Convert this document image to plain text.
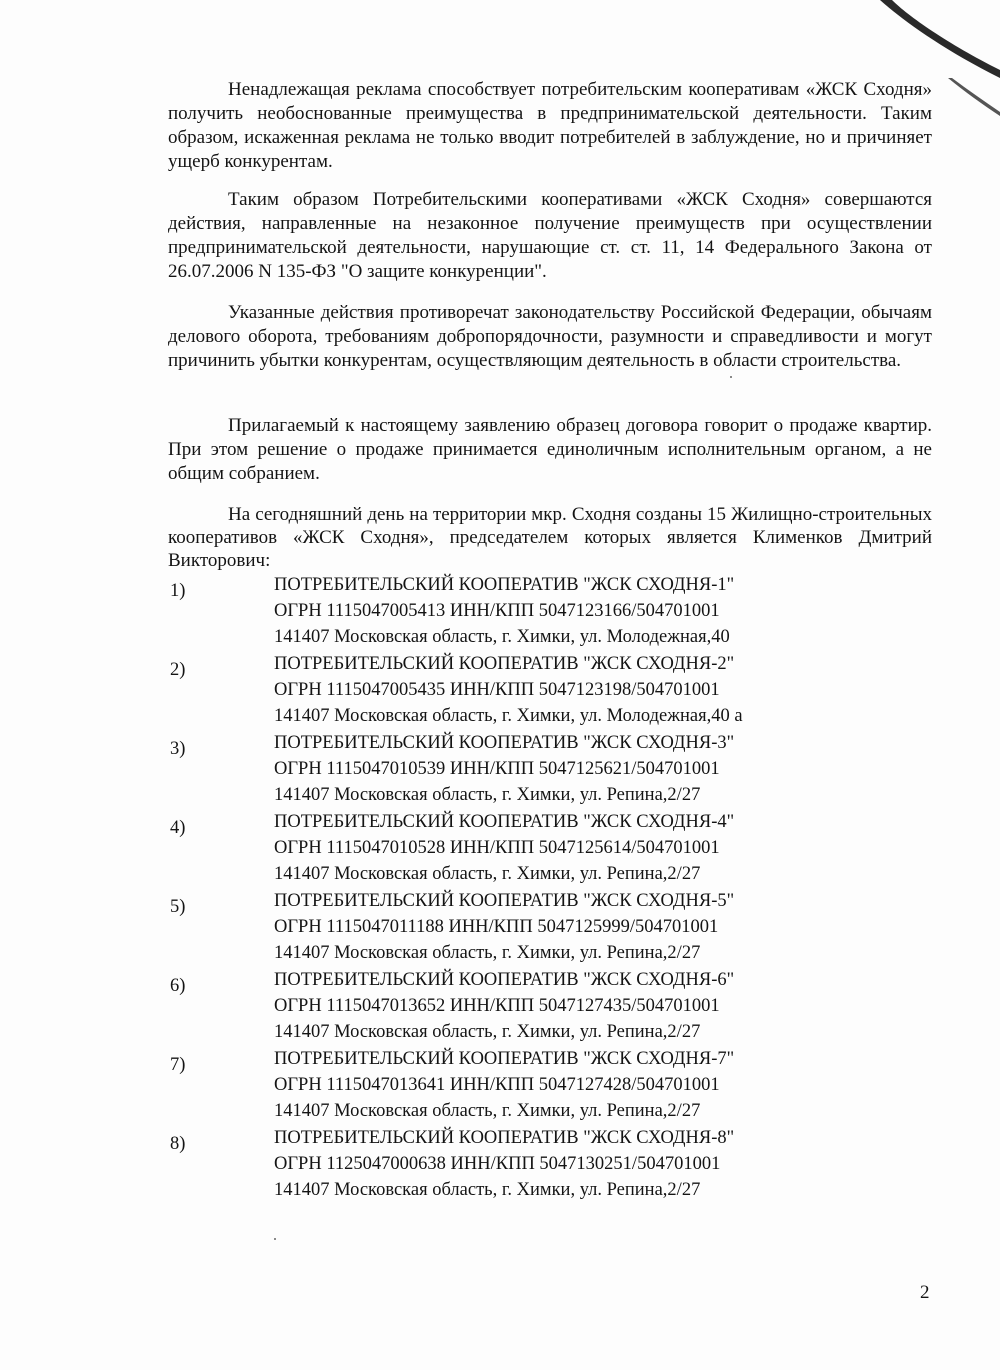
Ненадлежащая реклама способствует потребительским кооперативам «ЖСК Сходня» получить необоснованные преимущества в предпринимательской деятельности. Таким образом, искаженная реклама не только вводит потребителей в заблуждение, но и причиняет ущерб конкурентам.

Таким образом Потребительскими кооперативами «ЖСК Сходня» совершаются действия, направленные на незаконное получение преимуществ при осуществлении предпринимательской деятельности, нарушающие ст. ст. 11, 14 Федерального Закона от 26.07.2006 N 135-ФЗ "О защите конкуренции".

Указанные действия противоречат законодательству Российской Федерации, обычаям делового оборота, требованиям добропорядочности, разумности и справедливости и могут причинить убытки конкурентам, осуществляющим деятельность в области строительства.

Прилагаемый к настоящему заявлению образец договора говорит о продаже квартир. При этом решение о продаже принимается единоличным исполнительным органом, а не общим собранием.

На сегодняшний день на территории мкр. Сходня созданы 15 Жилищно-строительных кооперативов «ЖСК Сходня», председателем которых является Клименков Дмитрий Викторович:

1)	ПОТРЕБИТЕЛЬСКИЙ КООПЕРАТИВ "ЖСК СХОДНЯ-1"
ОГРН 1115047005413 ИНН/КПП 5047123166/504701001
141407 Московская область, г. Химки, ул. Молодежная,40
2)	ПОТРЕБИТЕЛЬСКИЙ КООПЕРАТИВ "ЖСК СХОДНЯ-2"
ОГРН 1115047005435 ИНН/КПП 5047123198/504701001
141407 Московская область, г. Химки, ул. Молодежная,40 а
3)	ПОТРЕБИТЕЛЬСКИЙ КООПЕРАТИВ "ЖСК СХОДНЯ-3"
ОГРН 1115047010539 ИНН/КПП 5047125621/504701001
141407 Московская область, г. Химки, ул. Репина,2/27
4)	ПОТРЕБИТЕЛЬСКИЙ КООПЕРАТИВ "ЖСК СХОДНЯ-4"
ОГРН 1115047010528 ИНН/КПП 5047125614/504701001
141407 Московская область, г. Химки, ул. Репина,2/27
5)	ПОТРЕБИТЕЛЬСКИЙ КООПЕРАТИВ "ЖСК СХОДНЯ-5"
ОГРН 1115047011188 ИНН/КПП 5047125999/504701001
141407 Московская область, г. Химки, ул. Репина,2/27
6)	ПОТРЕБИТЕЛЬСКИЙ КООПЕРАТИВ "ЖСК СХОДНЯ-6"
ОГРН 1115047013652 ИНН/КПП 5047127435/504701001
141407 Московская область, г. Химки, ул. Репина,2/27
7)	ПОТРЕБИТЕЛЬСКИЙ КООПЕРАТИВ "ЖСК СХОДНЯ-7"
ОГРН 1115047013641 ИНН/КПП 5047127428/504701001
141407 Московская область, г. Химки, ул. Репина,2/27
8)	ПОТРЕБИТЕЛЬСКИЙ КООПЕРАТИВ "ЖСК СХОДНЯ-8"
ОГРН 1125047000638 ИНН/КПП 5047130251/504701001
141407 Московская область, г. Химки, ул. Репина,2/27
2
